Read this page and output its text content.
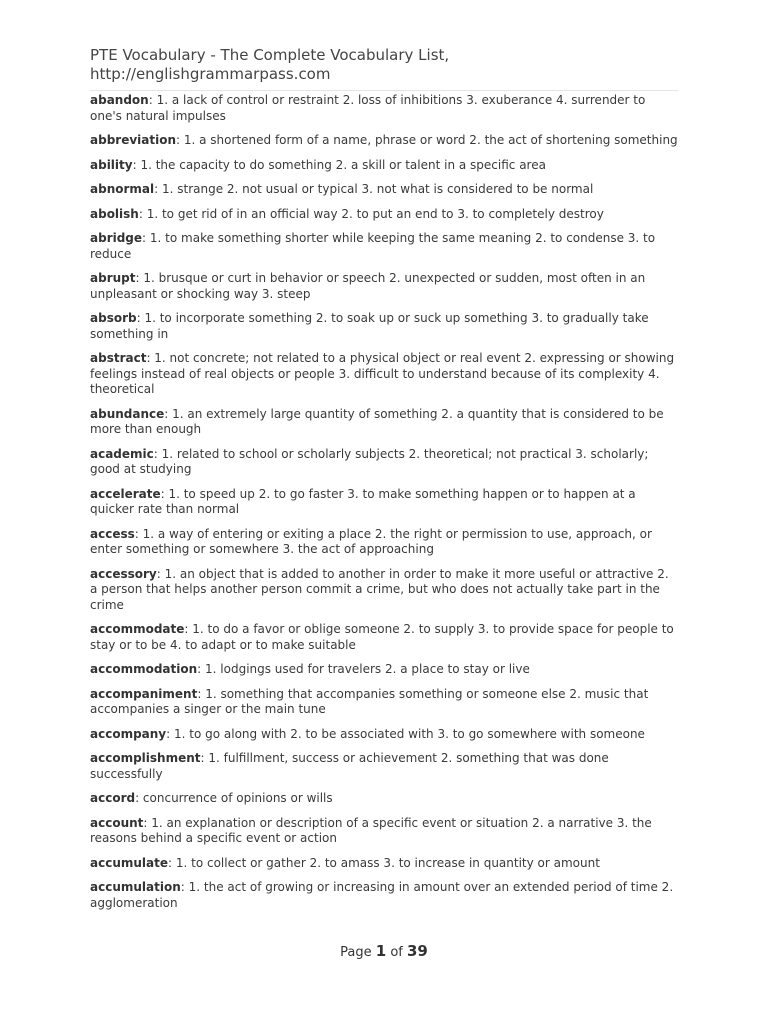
PTE Vocabulary - The Complete Vocabulary List,
http://englishgrammarpass.com
abandon: 1. a lack of control or restraint 2. loss of inhibitions 3. exuberance 4. surrender to one's natural impulses
abbreviation: 1. a shortened form of a name, phrase or word 2. the act of shortening something
ability: 1. the capacity to do something 2. a skill or talent in a specific area
abnormal: 1. strange 2. not usual or typical 3. not what is considered to be normal
abolish: 1. to get rid of in an official way 2. to put an end to 3. to completely destroy
abridge: 1. to make something shorter while keeping the same meaning 2. to condense 3. to reduce
abrupt: 1. brusque or curt in behavior or speech 2. unexpected or sudden, most often in an unpleasant or shocking way 3. steep
absorb: 1. to incorporate something 2. to soak up or suck up something 3. to gradually take something in
abstract: 1. not concrete; not related to a physical object or real event 2. expressing or showing feelings instead of real objects or people 3. difficult to understand because of its complexity 4. theoretical
abundance: 1. an extremely large quantity of something 2. a quantity that is considered to be more than enough
academic: 1. related to school or scholarly subjects 2. theoretical; not practical 3. scholarly; good at studying
accelerate: 1. to speed up 2. to go faster 3. to make something happen or to happen at a quicker rate than normal
access: 1. a way of entering or exiting a place 2. the right or permission to use, approach, or enter something or somewhere 3. the act of approaching
accessory: 1. an object that is added to another in order to make it more useful or attractive 2. a person that helps another person commit a crime, but who does not actually take part in the crime
accommodate: 1. to do a favor or oblige someone 2. to supply 3. to provide space for people to stay or to be 4. to adapt or to make suitable
accommodation: 1. lodgings used for travelers 2. a place to stay or live
accompaniment: 1. something that accompanies something or someone else 2. music that accompanies a singer or the main tune
accompany: 1. to go along with 2. to be associated with 3. to go somewhere with someone
accomplishment: 1. fulfillment, success or achievement 2. something that was done successfully
accord: concurrence of opinions or wills
account: 1. an explanation or description of a specific event or situation 2. a narrative 3. the reasons behind a specific event or action
accumulate: 1. to collect or gather 2. to amass 3. to increase in quantity or amount
accumulation: 1. the act of growing or increasing in amount over an extended period of time 2. agglomeration
Page 1 of 39
